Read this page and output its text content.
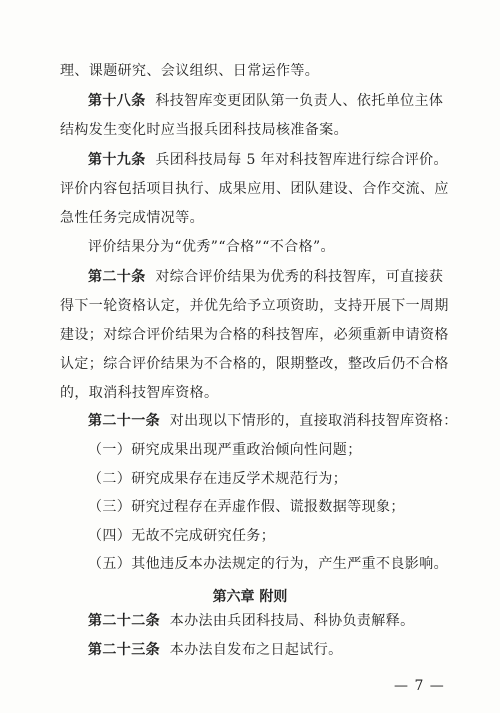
理、课题研究、会议组织、日常运作等。
第十八条 科技智库变更团队第一负责人、依托单位主体
结构发生变化时应当报兵团科技局核准备案。
第十九条 兵团科技局每 5 年对科技智库进行综合评价。
评价内容包括项目执行、成果应用、团队建设、合作交流、应
急性任务完成情况等。
评价结果分为“优秀”“合格”“不合格”。
第二十条 对综合评价结果为优秀的科技智库，可直接获
得下一轮资格认定，并优先给予立项资助，支持开展下一周期
建设；对综合评价结果为合格的科技智库，必须重新申请资格
认定；综合评价结果为不合格的，限期整改，整改后仍不合格
的，取消科技智库资格。
第二十一条 对出现以下情形的，直接取消科技智库资格：
（一）研究成果出现严重政治倾向性问题；
（二）研究成果存在违反学术规范行为；
（三）研究过程存在弄虚作假、谎报数据等现象；
（四）无故不完成研究任务；
（五）其他违反本办法规定的行为，产生严重不良影响。
第六章 附则
第二十二条 本办法由兵团科技局、科协负责解释。
第二十三条 本办法自发布之日起试行。
— 7 —
